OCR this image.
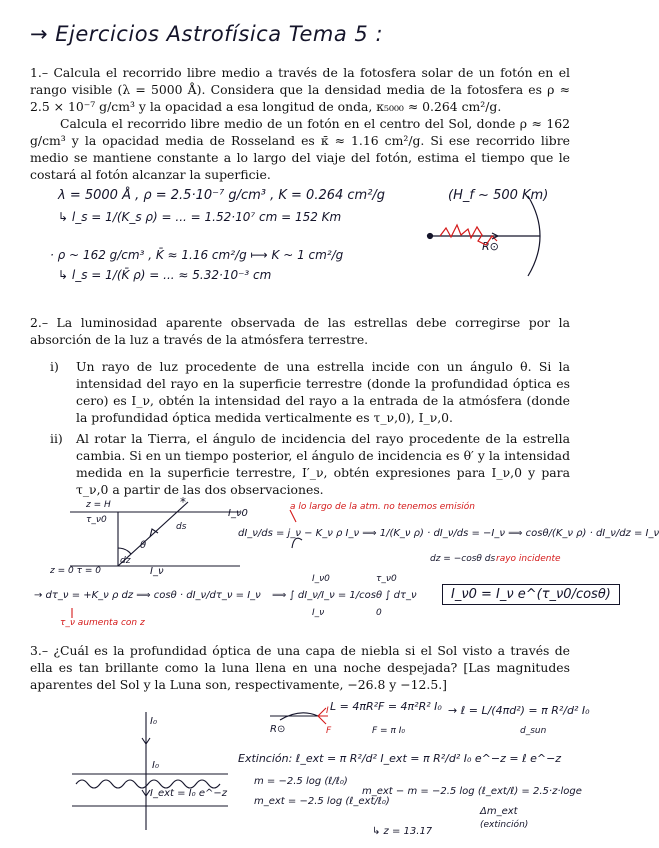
→ Ejercicios Astrofísica Tema 5 :

1.– Calcula el recorrido libre medio a través de la fotosfera solar de un fotón en el rango visible (λ = 5000 Å). Considera que la densidad media de la fotosfera es ρ ≈ 2.5 × 10⁻⁷ g/cm³ y la opacidad a esa longitud de onda, κ₅₀₀₀ ≈ 0.264 cm²/g.

Calcula el recorrido libre medio de un fotón en el centro del Sol, donde ρ ≈ 162 g/cm³ y la opacidad media de Rosseland es κ̄ ≈ 1.16 cm²/g. Si ese recorrido libre medio se mantiene constante a lo largo del viaje del fotón, estima el tiempo que le costará al fotón alcanzar la superficie.

λ = 5000 Å , ρ = 2.5·10⁻⁷ g/cm³ , K = 0.264 cm²/g	(H_f ~ 500 Km)
↳ l_s = 1/(K_s ρ) = ... = 1.52·10⁷ cm = 152 Km
· ρ ~ 162 g/cm³ , K̄ ≈ 1.16 cm²/g ⟼ K ~ 1 cm²/g
↳ l_s = 1/(K̄ ρ) = ... ≈ 5.32·10⁻³ cm
R⊙
2.– La luminosidad aparente observada de las estrellas debe corregirse por la absorción de la luz a través de la atmósfera terrestre.
i) Un rayo de luz procedente de una estrella incide con un ángulo θ. Si la intensidad del rayo en la superficie terrestre (donde la profundidad óptica es cero) es I_ν, obtén la intensidad del rayo a la entrada de la atmósfera (donde la profundidad óptica medida verticalmente es τ_ν,0), I_ν,0.
ii) Al rotar la Tierra, el ángulo de incidencia del rayo procedente de la estrella cambia. Si en un tiempo posterior, el ángulo de incidencia es θ′ y la intensidad medida en la superficie terrestre, I′_ν, obtén expresiones para I_ν,0 y para τ_ν,0 a partir de las dos observaciones.
z = H
τ_ν0
z = 0 τ = 0
I_ν0
I_ν
θ
ds
dz
*	a lo largo de la atm. no tenemos emisión
dI_ν/ds = j_ν − K_ν ρ I_ν ⟹ 1/(K_ν ρ) · dI_ν/ds = −I_ν ⟹ cosθ/(K_ν ρ) · dI_ν/dz = I_ν
dz = −cosθ ds rayo incidente
→ dτ_ν = +K_ν ρ dz ⟹ cosθ · dI_ν/dτ_ν = I_ν ⟹ ∫ dI_ν/I_ν = 1/cosθ ∫ dτ_ν
I_ν0
I_ν
τ_ν0
0
I_ν0 = I_ν e^(τ_ν0/cosθ)
τ_ν aumenta con z
3.– ¿Cuál es la profundidad óptica de una capa de niebla si el Sol visto a través de ella es tan brillante como la luna llena en una noche despejada? [Las magnitudes aparentes del Sol y la Luna son, respectivamente, −26.8 y −12.5.]
I₀
I₀
I_ext = I₀ e^−z
R⊙
I
F
L = 4πR²F = 4π²R² I₀
F = π I₀
→ ℓ = L/(4πd²) = π R²/d² I₀
d_sun
Extinción: ℓ_ext = π R²/d² I_ext = π R²/d² I₀ e^−z = ℓ e^−z
m = −2.5 log (ℓ/ℓ₀)
m_ext = −2.5 log (ℓ_ext/ℓ₀)
m_ext − m = −2.5 log (ℓ_ext/ℓ) = 2.5·z·loge
Δm_ext
(extinción)
↳ z = 13.17
